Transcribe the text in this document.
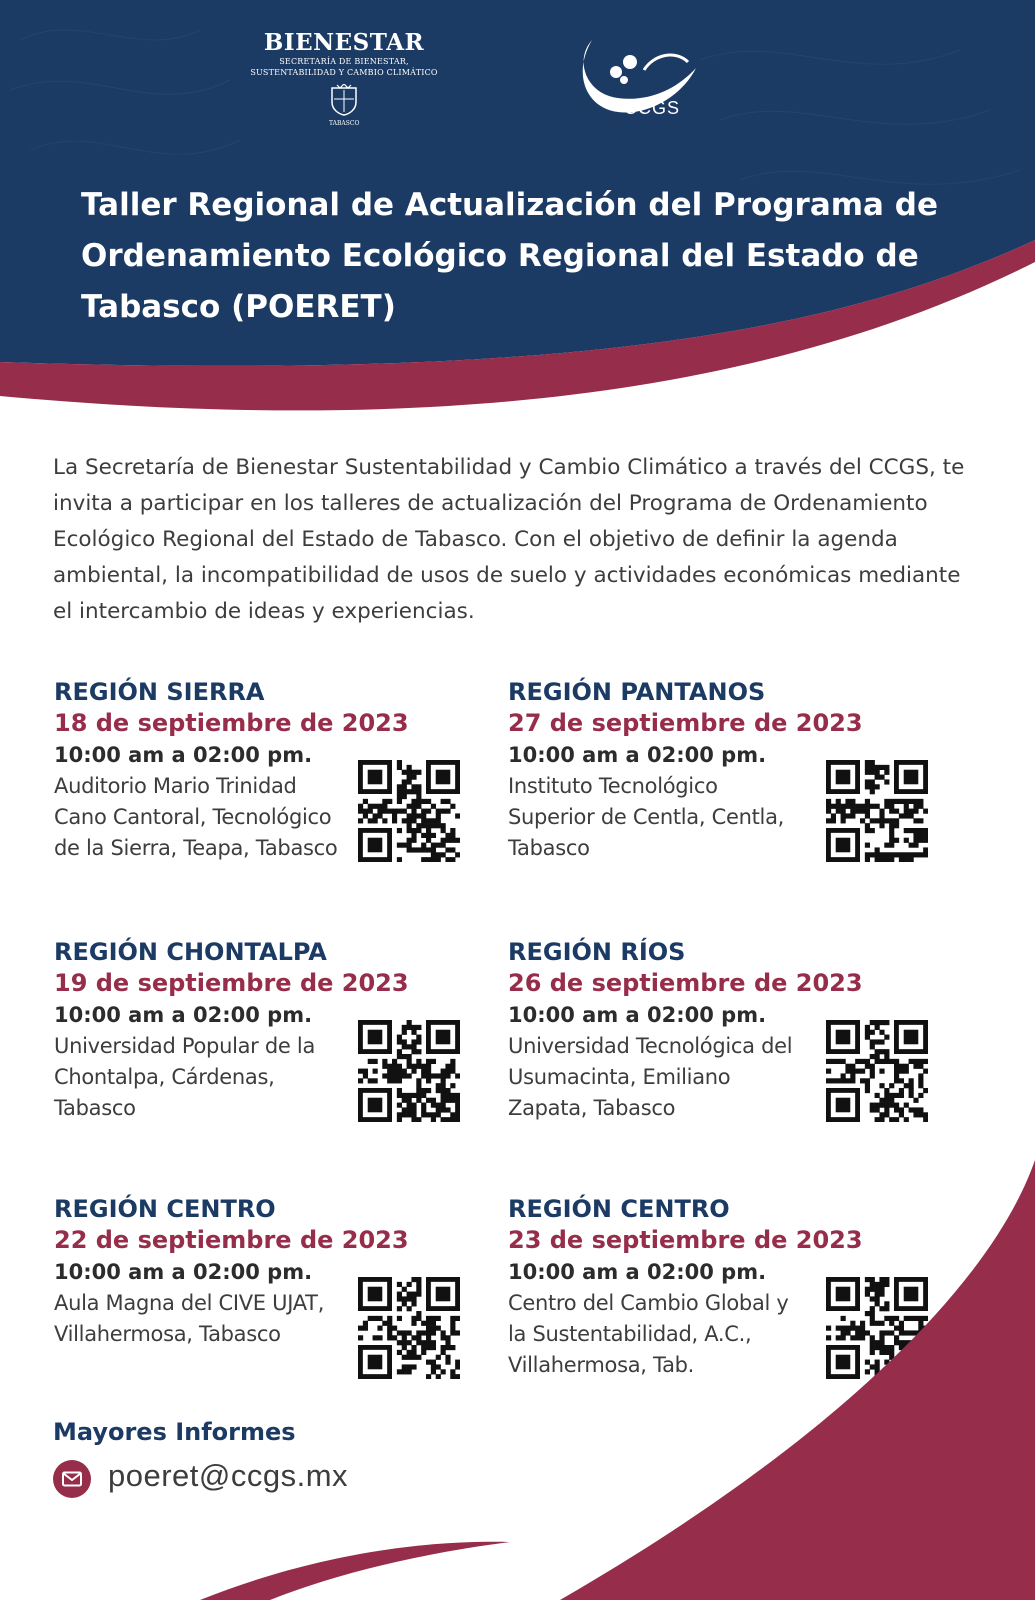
BIENESTAR
SECRETARÍA DE BIENESTAR,
SUSTENTABILIDAD Y CAMBIO CLIMÁTICO
TABASCO
CCGS
Taller Regional de Actualización del Programa de Ordenamiento Ecológico Regional del Estado de Tabasco (POERET)

La Secretaría de Bienestar Sustentabilidad y Cambio Climático a través del CCGS, te invita a participar en los talleres de actualización del Programa de Ordenamiento Ecológico Regional del Estado de Tabasco. Con el objetivo de definir la agenda ambiental, la incompatibilidad de usos de suelo y actividades económicas mediante el intercambio de ideas y experiencias.

REGIÓN SIERRA
18 de septiembre de 2023
10:00 am a 02:00 pm.
Auditorio Mario Trinidad Cano Cantoral, Tecnológico de la Sierra, Teapa, Tabasco
REGIÓN PANTANOS
27 de septiembre de 2023
10:00 am a 02:00 pm.
Instituto Tecnológico Superior de Centla, Centla, Tabasco
REGIÓN CHONTALPA
19 de septiembre de 2023
10:00 am a 02:00 pm.
Universidad Popular de la Chontalpa, Cárdenas, Tabasco
REGIÓN RÍOS
26 de septiembre de 2023
10:00 am a 02:00 pm.
Universidad Tecnológica del Usumacinta, Emiliano Zapata, Tabasco
REGIÓN CENTRO
22 de septiembre de 2023
10:00 am a 02:00 pm.
Aula Magna del CIVE UJAT, Villahermosa, Tabasco
REGIÓN CENTRO
23 de septiembre de 2023
10:00 am a 02:00 pm.
Centro del Cambio Global y la Sustentabilidad, A.C., Villahermosa, Tab.
Mayores Informes
poeret@ccgs.mx
